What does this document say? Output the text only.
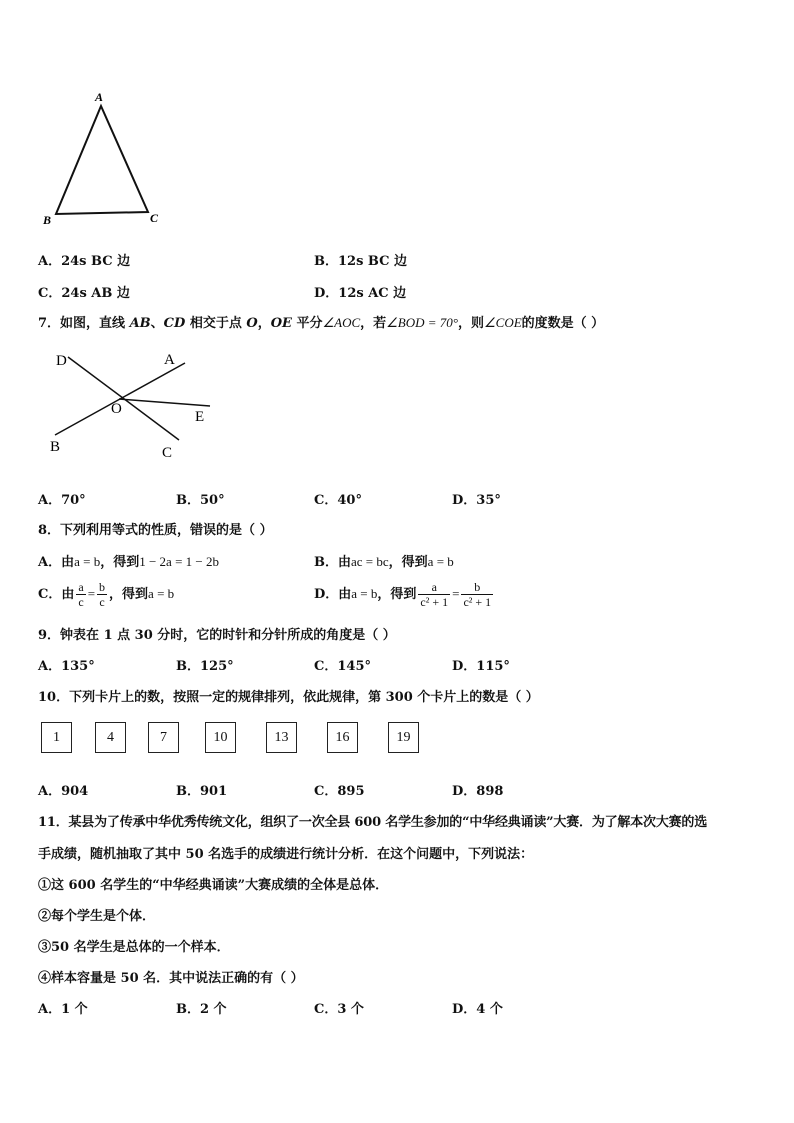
A
B	C
A．24s BC 边	B．12s BC 边
C．24s AB 边	D．12s AC 边
7．如图，直线 AB、CD 相交于点 O，OE 平分∠AOC，若∠BOD = 70°，则∠COE的度数是（ ）
D	A
O	E
B	C
A．70°	B．50°	C．40°	D．35°
8．下列利用等式的性质，错误的是（ ）
A．由a = b，得到1 − 2a = 1 − 2b	B．由ac = bc，得到a = b
C．由 $\frac{a}{c} = \frac{b}{c}$ ，得到a = b	D．由a = b，得到 $\frac{a}{\text{c² + 1}} = \frac{b}{\text{c² + 1}}$
9．钟表在 1 点 30 分时，它的时针和分针所成的角度是（ ）
A．135°	B．125°	C．145°	D．115°
10．下列卡片上的数，按照一定的规律排列，依此规律，第 300 个卡片上的数是（ ）
1	4	7	10	13	16	19
A．904	B．901	C．895	D．898
11．某县为了传承中华优秀传统文化，组织了一次全县 600 名学生参加的“中华经典诵读”大赛．为了解本次大赛的选
手成绩，随机抽取了其中 50 名选手的成绩进行统计分析．在这个问题中，下列说法：
①这 600 名学生的“中华经典诵读”大赛成绩的全体是总体．
②每个学生是个体．
③50 名学生是总体的一个样本．
④样本容量是 50 名．其中说法正确的有（ ）
A．1 个	B．2 个	C．3 个	D．4 个
